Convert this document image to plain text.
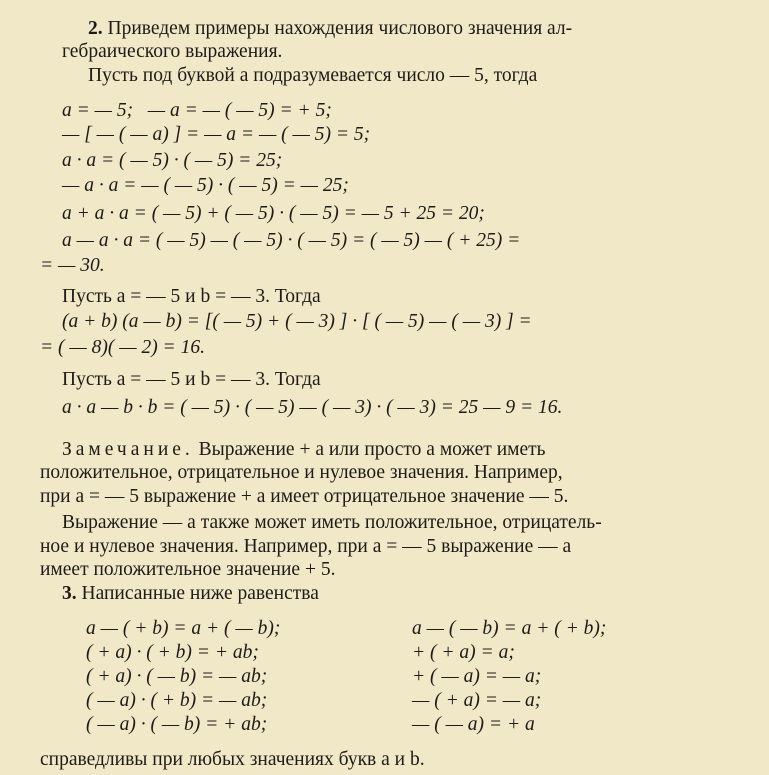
2. Приведем примеры нахождения числового значения ал-
гебраического выражения.
Пусть под буквой a подразумевается число — 5, тогда
a = — 5;   — a = — ( — 5) = + 5;
— [ — ( — a) ] = — a = — ( — 5) = 5;
a · a = ( — 5) · ( — 5) = 25;
— a · a = — ( — 5) · ( — 5) = — 25;
a + a · a = ( — 5) + ( — 5) · ( — 5) = — 5 + 25 = 20;
a — a · a = ( — 5) — ( — 5) · ( — 5) = ( — 5) — ( + 25) =
= — 30.
Пусть a = — 5 и b = — 3. Тогда
(a + b) (a — b) = [( — 5) + ( — 3) ] · [ ( — 5) — ( — 3) ] =
= ( — 8)( — 2) = 16.
Пусть a = — 5 и b = — 3. Тогда
a · a — b · b = ( — 5) · ( — 5) — ( — 3) · ( — 3) = 25 — 9 = 16.
Замечание. Выражение + a или просто a может иметь
положительное, отрицательное и нулевое значения. Например,
при a = — 5 выражение + a имеет отрицательное значение — 5.
Выражение — a также может иметь положительное, отрицатель-
ное и нулевое значения. Например, при a = — 5 выражение — a
имеет положительное значение + 5.
3. Написанные ниже равенства
a — ( + b) = a + ( — b);
( + a) · ( + b) = + ab;
( + a) · ( — b) = — ab;
( — a) · ( + b) = — ab;
( — a) · ( — b) = + ab;
a — ( — b) = a + ( + b);
+ ( + a) = a;
+ ( — a) = — a;
— ( + a) = — a;
— ( — a) = + a
справедливы при любых значениях букв a и b.
